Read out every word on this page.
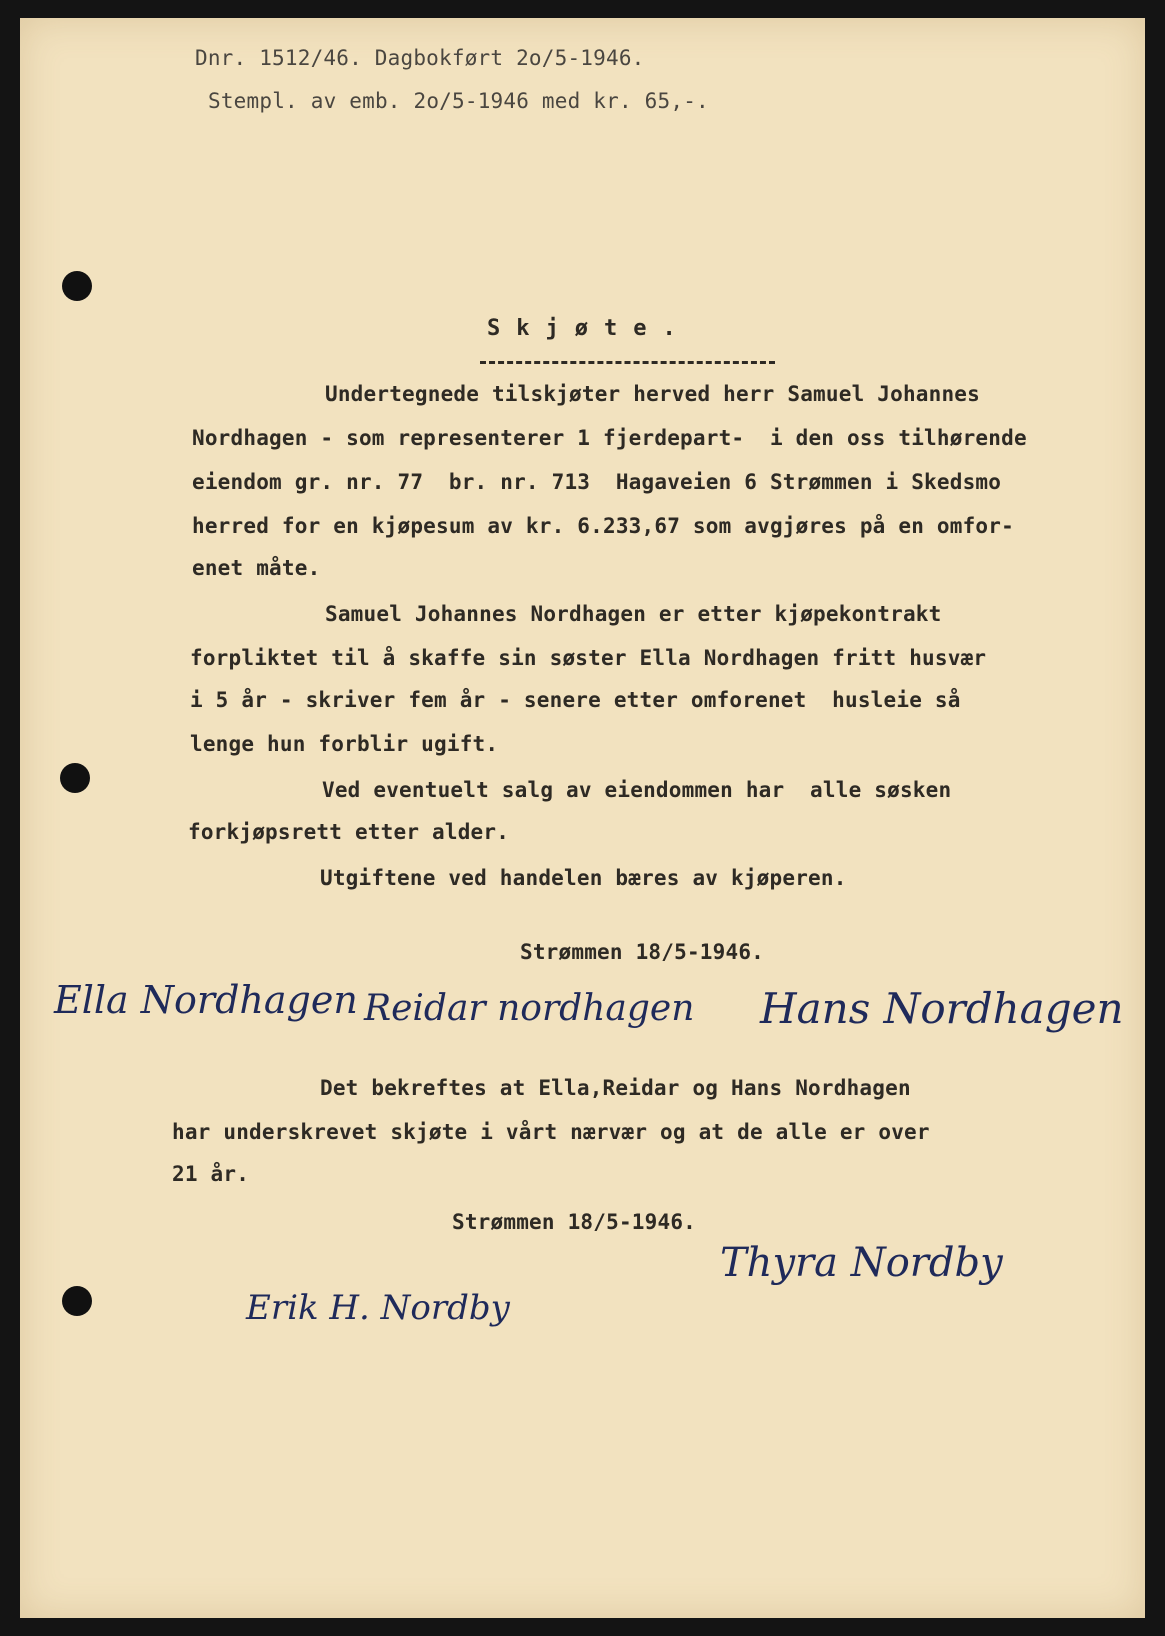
Dnr. 1512/46. Dagbokført 2o/5-1946.
Stempl. av emb. 2o/5-1946 med kr. 65,-.
Skjøte.
Undertegnede tilskjøter herved herr Samuel Johannes
Nordhagen - som representerer 1 fjerdepart-  i den oss tilhørende
eiendom gr. nr. 77  br. nr. 713  Hagaveien 6 Strømmen i Skedsmo
herred for en kjøpesum av kr. 6.233,67 som avgjøres på en omfor-
enet måte.
Samuel Johannes Nordhagen er etter kjøpekontrakt
forpliktet til å skaffe sin søster Ella Nordhagen fritt husvær
i 5 år - skriver fem år - senere etter omforenet  husleie så
lenge hun forblir ugift.
Ved eventuelt salg av eiendommen har  alle søsken
forkjøpsrett etter alder.
Utgiftene ved handelen bæres av kjøperen.
Strømmen 18/5-1946.
Ella Nordhagen Reidar nordhagen Hans Nordhagen
Det bekreftes at Ella,Reidar og Hans Nordhagen
har underskrevet skjøte i vårt nærvær og at de alle er over
21 år.
Strømmen 18/5-1946.
Thyra Nordby
Erik H. Nordby
